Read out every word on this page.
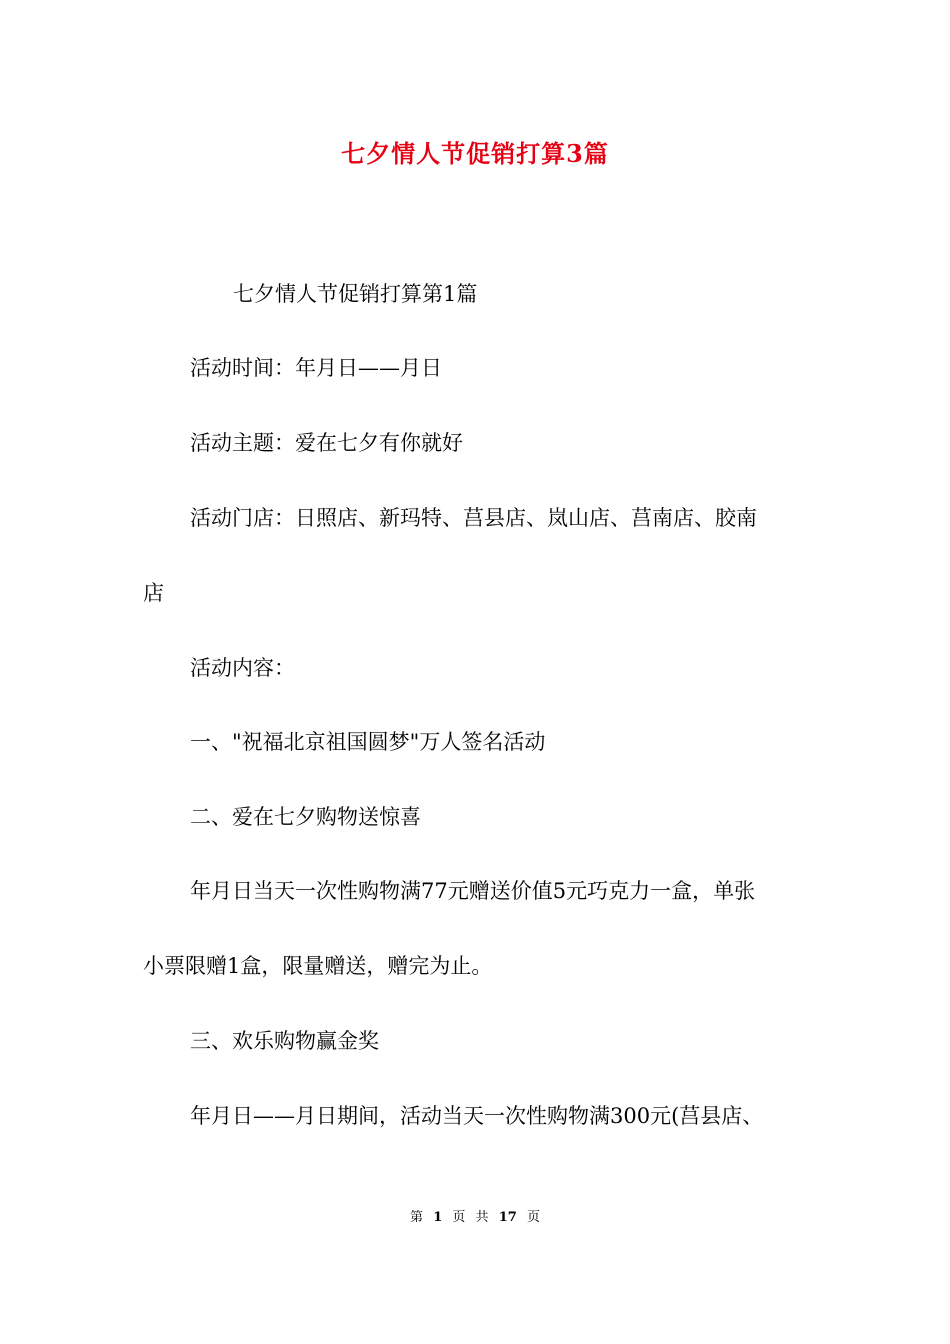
七夕情人节促销打算3篇
七夕情人节促销打算第1篇
活动时间：年月日——月日
活动主题：爱在七夕有你就好
活动门店：日照店、新玛特、莒县店、岚山店、莒南店、胶南
店
活动内容：
一、"祝福北京祖国圆梦"万人签名活动
二、爱在七夕购物送惊喜
年月日当天一次性购物满77元赠送价值5元巧克力一盒，单张
小票限赠1盒，限量赠送，赠完为止。
三、欢乐购物赢金奖
年月日——月日期间，活动当天一次性购物满300元(莒县店、
第 1 页 共 17 页
